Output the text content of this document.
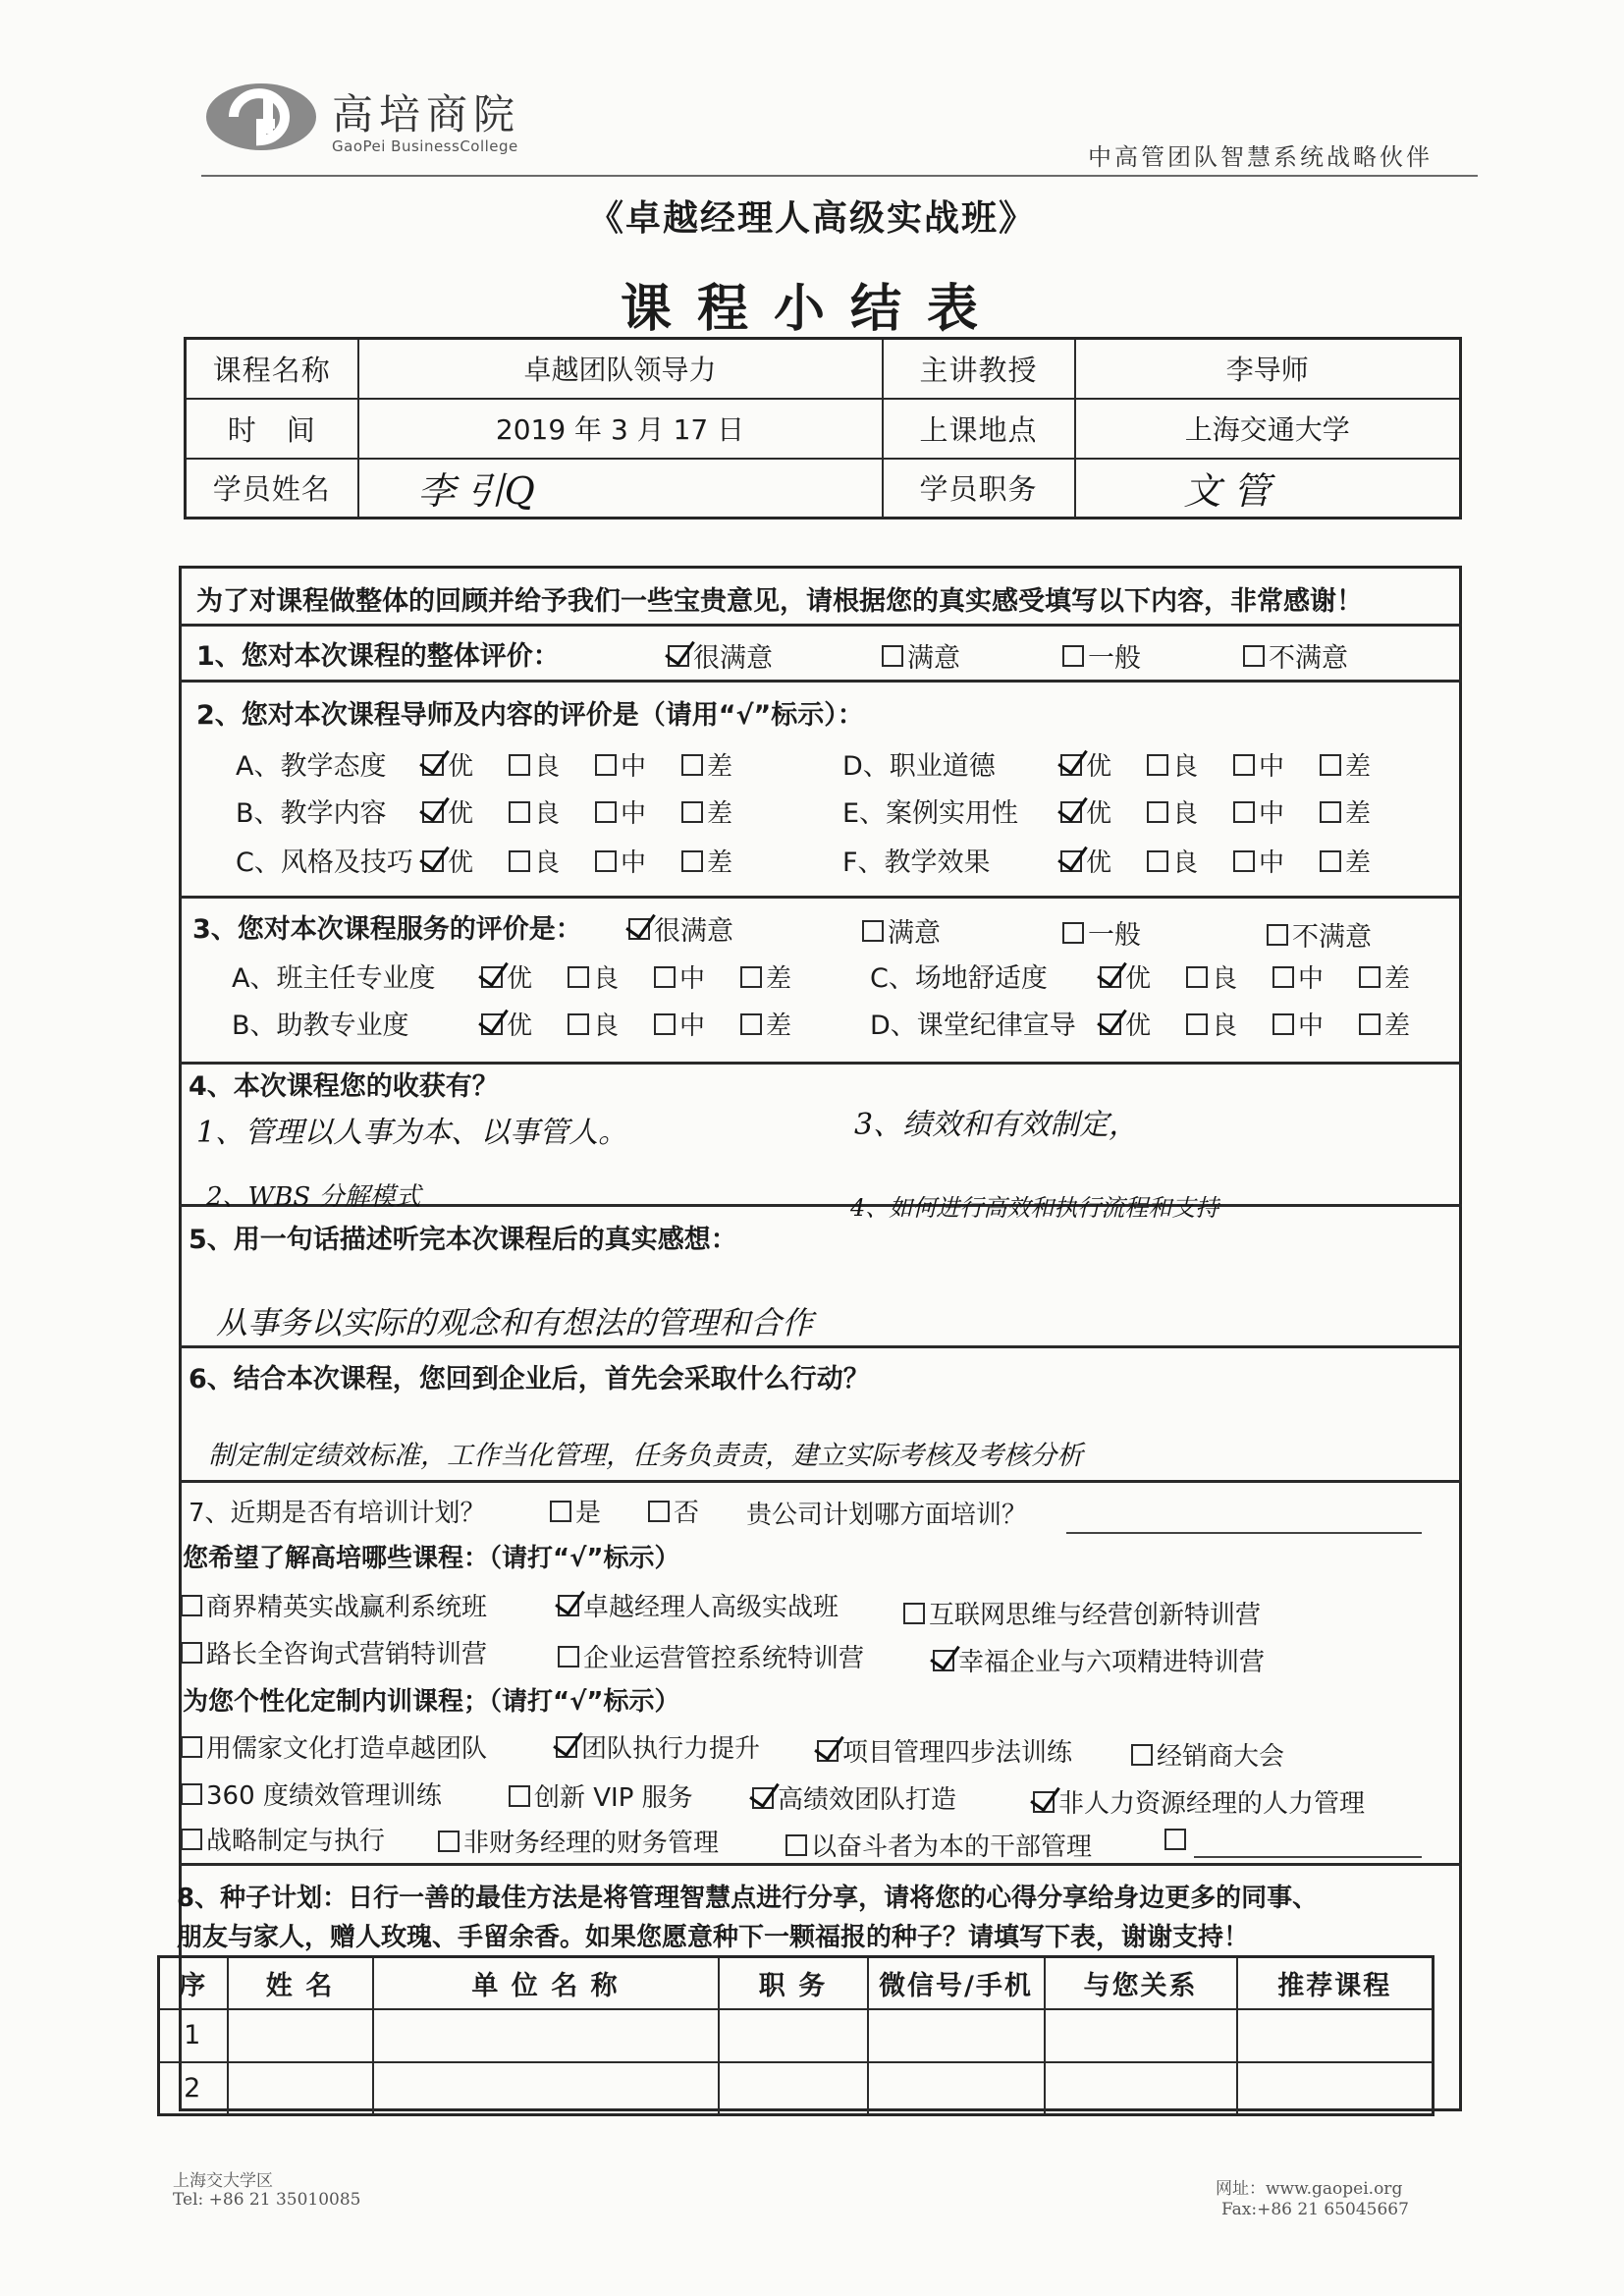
高培商院
GaoPei BusinessCollege	中高管团队智慧系统战略伙伴
《卓越经理人高级实战班》
课程小结表
课程名称	卓越团队领导力	主讲教授	李导师
时　间	2019 年 3 月 17 日	上课地点	上海交通大学
学员姓名	李 引Q	学员职务	文 管
为了对课程做整体的回顾并给予我们一些宝贵意见，请根据您的真实感受填写以下内容，非常感谢！
1、您对本次课程的整体评价：	很满意	满意	一般	不满意
2、您对本次课程导师及内容的评价是（请用“√”标示）：
A、教学态度 优 良 中 差	D、职业道德	优 良 中 差
B、教学内容 优 良 中 差	E、案例实用性	优 良 中 差
C、风格及技巧 优 良 中 差	F、教学效果	优 良 中 差
3、您对本次课程服务的评价是：	很满意	满意	一般	不满意
A、班主任专业度	优 良 中 差	C、场地舒适度	优 良 中 差
B、助教专业度	优 良 中 差	D、课堂纪律宣导 优 良 中 差
4、本次课程您的收获有？
1、管理以人事为本、以事管人。	3、绩效和有效制定，
2、WBS 分解模式	4、如何进行高效和执行流程和支持
5、用一句话描述听完本次课程后的真实感想：
从事务以实际的观念和有想法的管理和合作
6、结合本次课程，您回到企业后，首先会采取什么行动？
制定制定绩效标准，工作当化管理，任务负责责，建立实际考核及考核分析
7、近期是否有培训计划？	是	否 贵公司计划哪方面培训？
您希望了解高培哪些课程：（请打“√”标示）
商界精英实战赢利系统班	卓越经理人高级实战班	互联网思维与经营创新特训营
路长全咨询式营销特训营	企业运营管控系统特训营	幸福企业与六项精进特训营
为您个性化定制内训课程；（请打“√”标示）
用儒家文化打造卓越团队	团队执行力提升	项目管理四步法训练	经销商大会
360 度绩效管理训练	创新 VIP 服务	高绩效团队打造	非人力资源经理的人力管理
战略制定与执行	非财务经理的财务管理	以奋斗者为本的干部管理
8、种子计划：日行一善的最佳方法是将管理智慧点进行分享，请将您的心得分享给身边更多的同事、
朋友与家人，赠人玫瑰、手留余香。如果您愿意种下一颗福报的种子？请填写下表，谢谢支持！
序	姓 名	单 位 名 称	职 务	微信号/手机	与您关系	推荐课程
1						
2						
上海交大学区
Tel: +86 21 35010085
网址：www.gaopei.org
Fax:+86 21 65045667
